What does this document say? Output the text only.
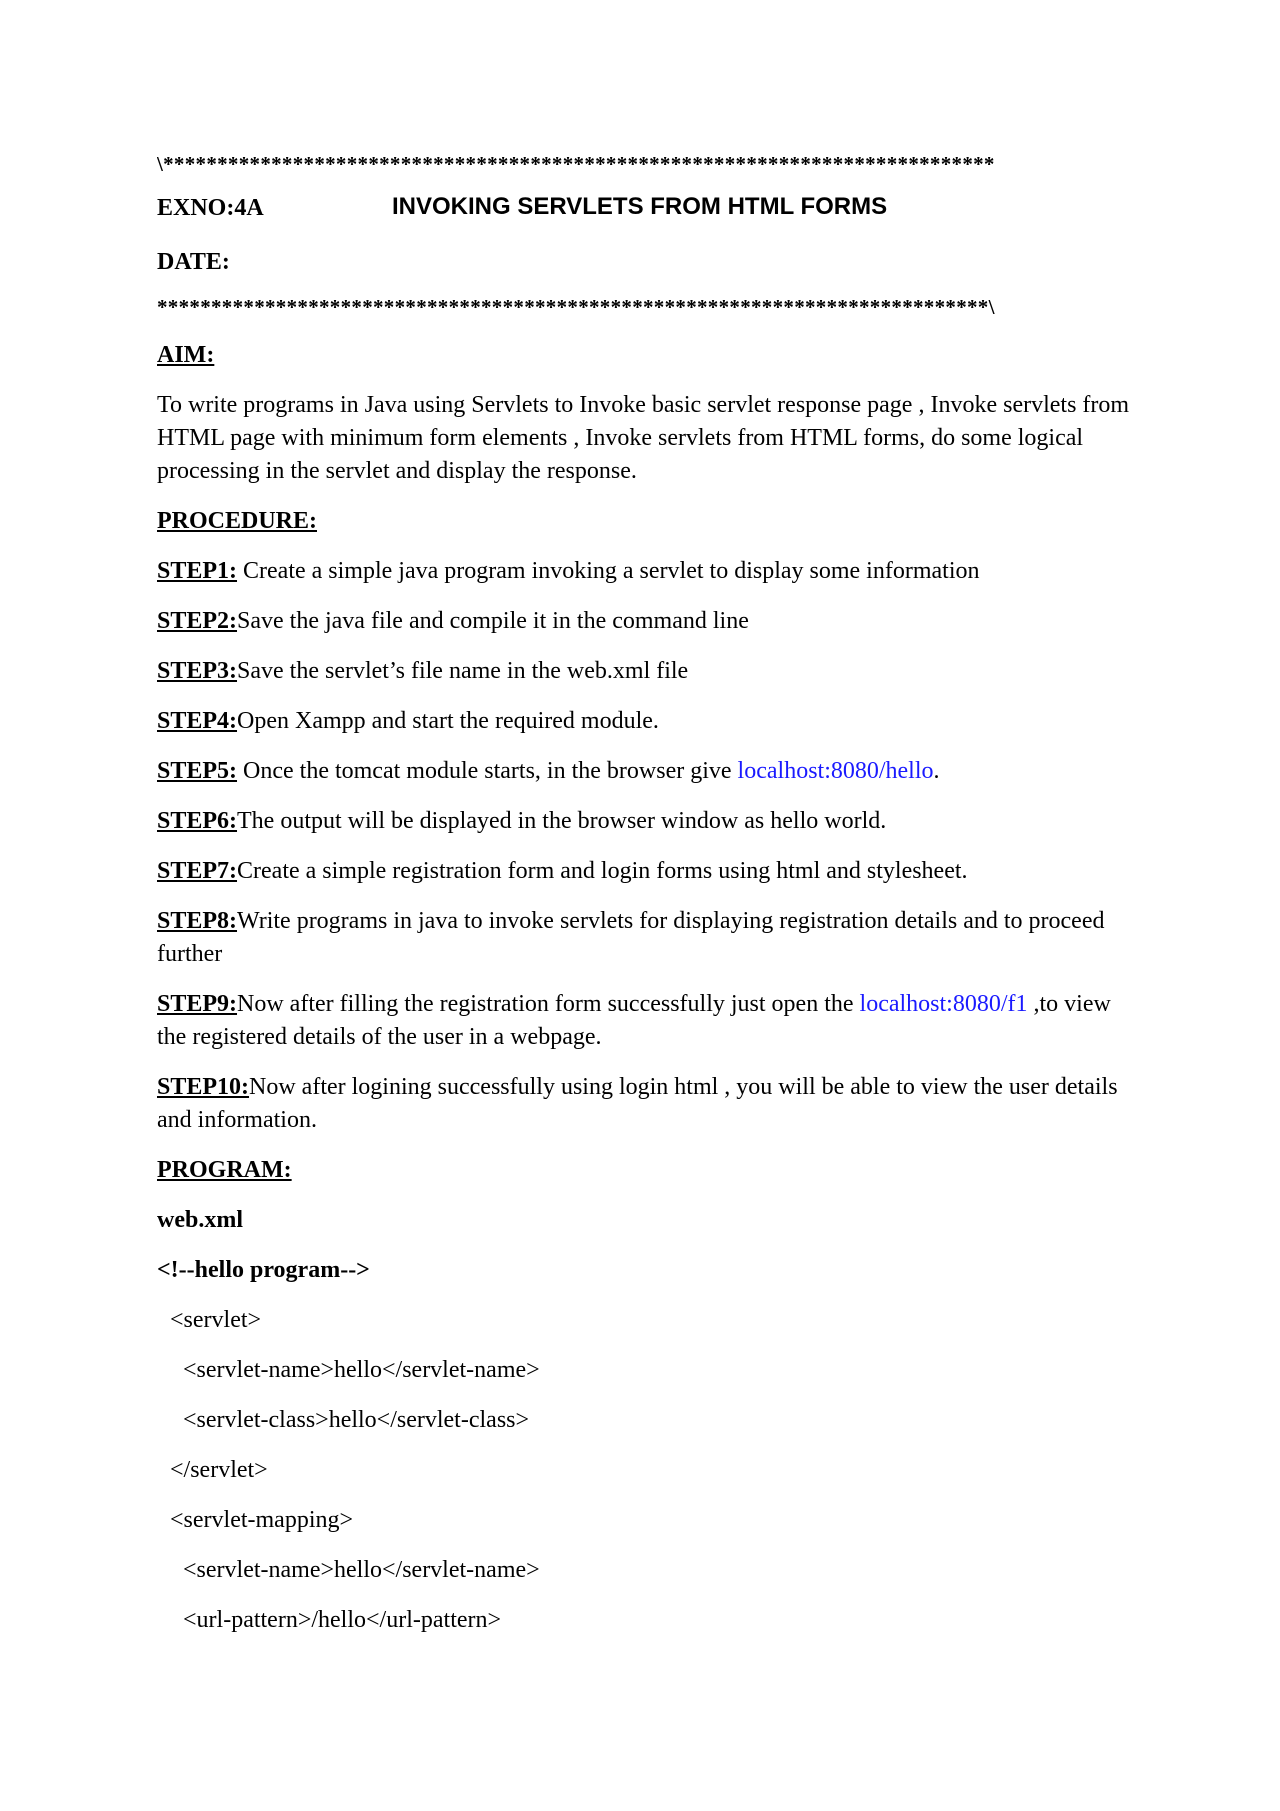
\*****************************************************************************
EXNO:4A	INVOKING SERVLETS FROM HTML FORMS
DATE:
*****************************************************************************\
AIM:
To write programs in Java using Servlets to Invoke basic servlet response page , Invoke servlets from HTML page with minimum form elements , Invoke servlets from HTML forms, do some logical processing in the servlet and display the response.
PROCEDURE:
STEP1: Create a simple java program invoking a servlet to display some information
STEP2:Save the java file and compile it in the command line
STEP3:Save the servlet’s file name in the web.xml file
STEP4:Open Xampp and start the required module.
STEP5: Once the tomcat module starts, in the browser give localhost:8080/hello.
STEP6:The output will be displayed in the browser window as hello world.
STEP7:Create a simple registration form and login forms using html and stylesheet.
STEP8:Write programs in java to invoke servlets for displaying registration details and to proceed further
STEP9:Now after filling the registration form successfully just open the localhost:8080/f1 ,to view the registered details of the user in a webpage.
STEP10:Now after logining successfully using login html , you will be able to view the user details and information.
PROGRAM:
web.xml
<!--hello program-->
<servlet>
<servlet-name>hello</servlet-name>
<servlet-class>hello</servlet-class>
</servlet>
<servlet-mapping>
<servlet-name>hello</servlet-name>
<url-pattern>/hello</url-pattern>
